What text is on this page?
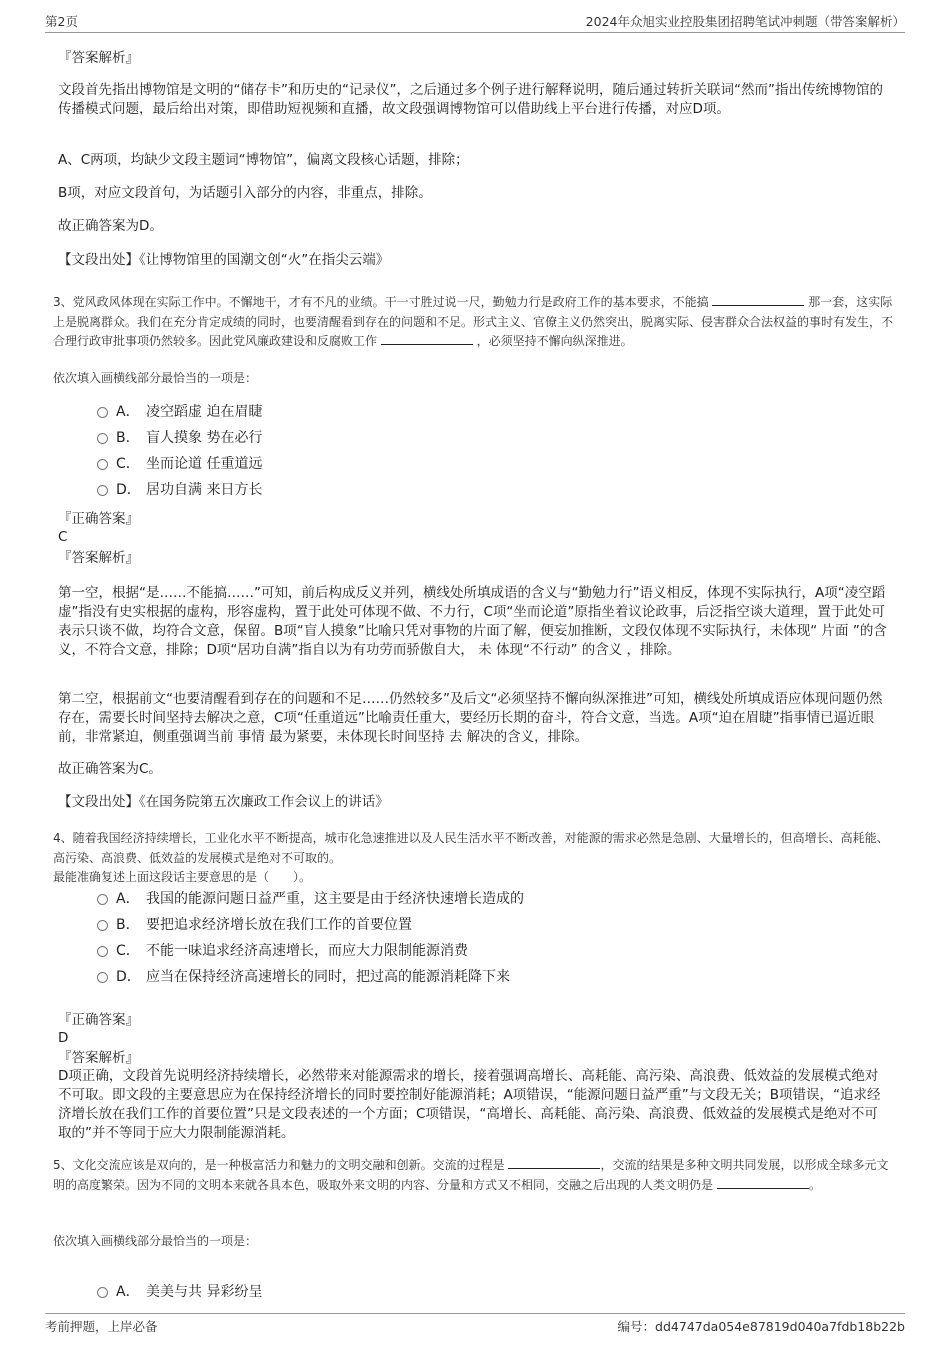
第2页	2024年众旭实业控股集团招聘笔试冲刺题（带答案解析）
『答案解析』
文段首先指出博物馆是文明的“储存卡”和历史的“记录仪”，之后通过多个例子进行解释说明，随后通过转折关联词“然而”指出传统博物馆的传播模式问题，最后给出对策，即借助短视频和直播，故文段强调博物馆可以借助线上平台进行传播，对应D项。
A、C两项，均缺少文段主题词“博物馆”，偏离文段核心话题，排除；
B项，对应文段首句，为话题引入部分的内容，非重点，排除。
故正确答案为D。
【文段出处】《让博物馆里的国潮文创“火”在指尖云端》
3、党风政风体现在实际工作中。不懈地干，才有不凡的业绩。干一寸胜过说一尺，勤勉力行是政府工作的基本要求，不能搞	那一套，这实际上是脱离群众。我们在充分肯定成绩的同时，也要清醒看到存在的问题和不足。形式主义、官僚主义仍然突出，脱离实际、侵害群众合法权益的事时有发生，不合理行政审批事项仍然较多。因此党风廉政建设和反腐败工作	，必须坚持不懈向纵深推进。
依次填入画横线部分最恰当的一项是：
A． 凌空蹈虚 迫在眉睫
B． 盲人摸象 势在必行
C． 坐而论道 任重道远
D． 居功自满 来日方长
『正确答案』
C
『答案解析』
第一空，根据“是……不能搞……”可知，前后构成反义并列，横线处所填成语的含义与“勤勉力行”语义相反，体现不实际执行，A项“凌空蹈虚”指没有史实根据的虚构，形容虚构，置于此处可体现不做、不力行，C项“坐而论道”原指坐着议论政事，后泛指空谈大道理，置于此处可表示只谈不做，均符合文意，保留。B项“盲人摸象”比喻只凭对事物的片面了解，便妄加推断，文段仅体现不实际执行，未体现“ 片面 ”的含义，不符合文意，排除；D项“居功自满”指自以为有功劳而骄傲自大， 未 体现“不行动” 的含义 ，排除。
第二空，根据前文“也要清醒看到存在的问题和不足……仍然较多”及后文“必须坚持不懈向纵深推进”可知，横线处所填成语应体现问题仍然存在，需要长时间坚持去解决之意，C项“任重道远”比喻责任重大，要经历长期的奋斗，符合文意，当选。A项“迫在眉睫”指事情已逼近眼前，非常紧迫，侧重强调当前 事情 最为紧要，未体现长时间坚持 去 解决的含义，排除。
故正确答案为C。
【文段出处】《在国务院第五次廉政工作会议上的讲话》
4、随着我国经济持续增长，工业化水平不断提高，城市化急速推进以及人民生活水平不断改善，对能源的需求必然是急剧、大量增长的，但高增长、高耗能、高污染、高浪费、低效益的发展模式是绝对不可取的。
最能准确复述上面这段话主要意思的是（　　）。
A． 我国的能源问题日益严重，这主要是由于经济快速增长造成的
B． 要把追求经济增长放在我们工作的首要位置
C． 不能一味追求经济高速增长，而应大力限制能源消费
D． 应当在保持经济高速增长的同时，把过高的能源消耗降下来
『正确答案』
D
『答案解析』
D项正确，文段首先说明经济持续增长，必然带来对能源需求的增长，接着强调高增长、高耗能、高污染、高浪费、低效益的发展模式绝对不可取。即文段的主要意思应为在保持经济增长的同时要控制好能源消耗；A项错误，“能源问题日益严重”与文段无关；B项错误，“追求经济增长放在我们工作的首要位置”只是文段表述的一个方面；C项错误，“高增长、高耗能、高污染、高浪费、低效益的发展模式是绝对不可取的”并不等同于应大力限制能源消耗。
5、文化交流应该是双向的，是一种极富活力和魅力的文明交融和创新。交流的过程是	，交流的结果是多种文明共同发展，以形成全球多元文明的高度繁荣。因为不同的文明本来就各具本色，吸取外来文明的内容、分量和方式又不相同，交融之后出现的人类文明仍是	。
依次填入画横线部分最恰当的一项是：
A． 美美与共 异彩纷呈
考前押题，上岸必备	编号：dd4747da054e87819d040a7fdb18b22b
